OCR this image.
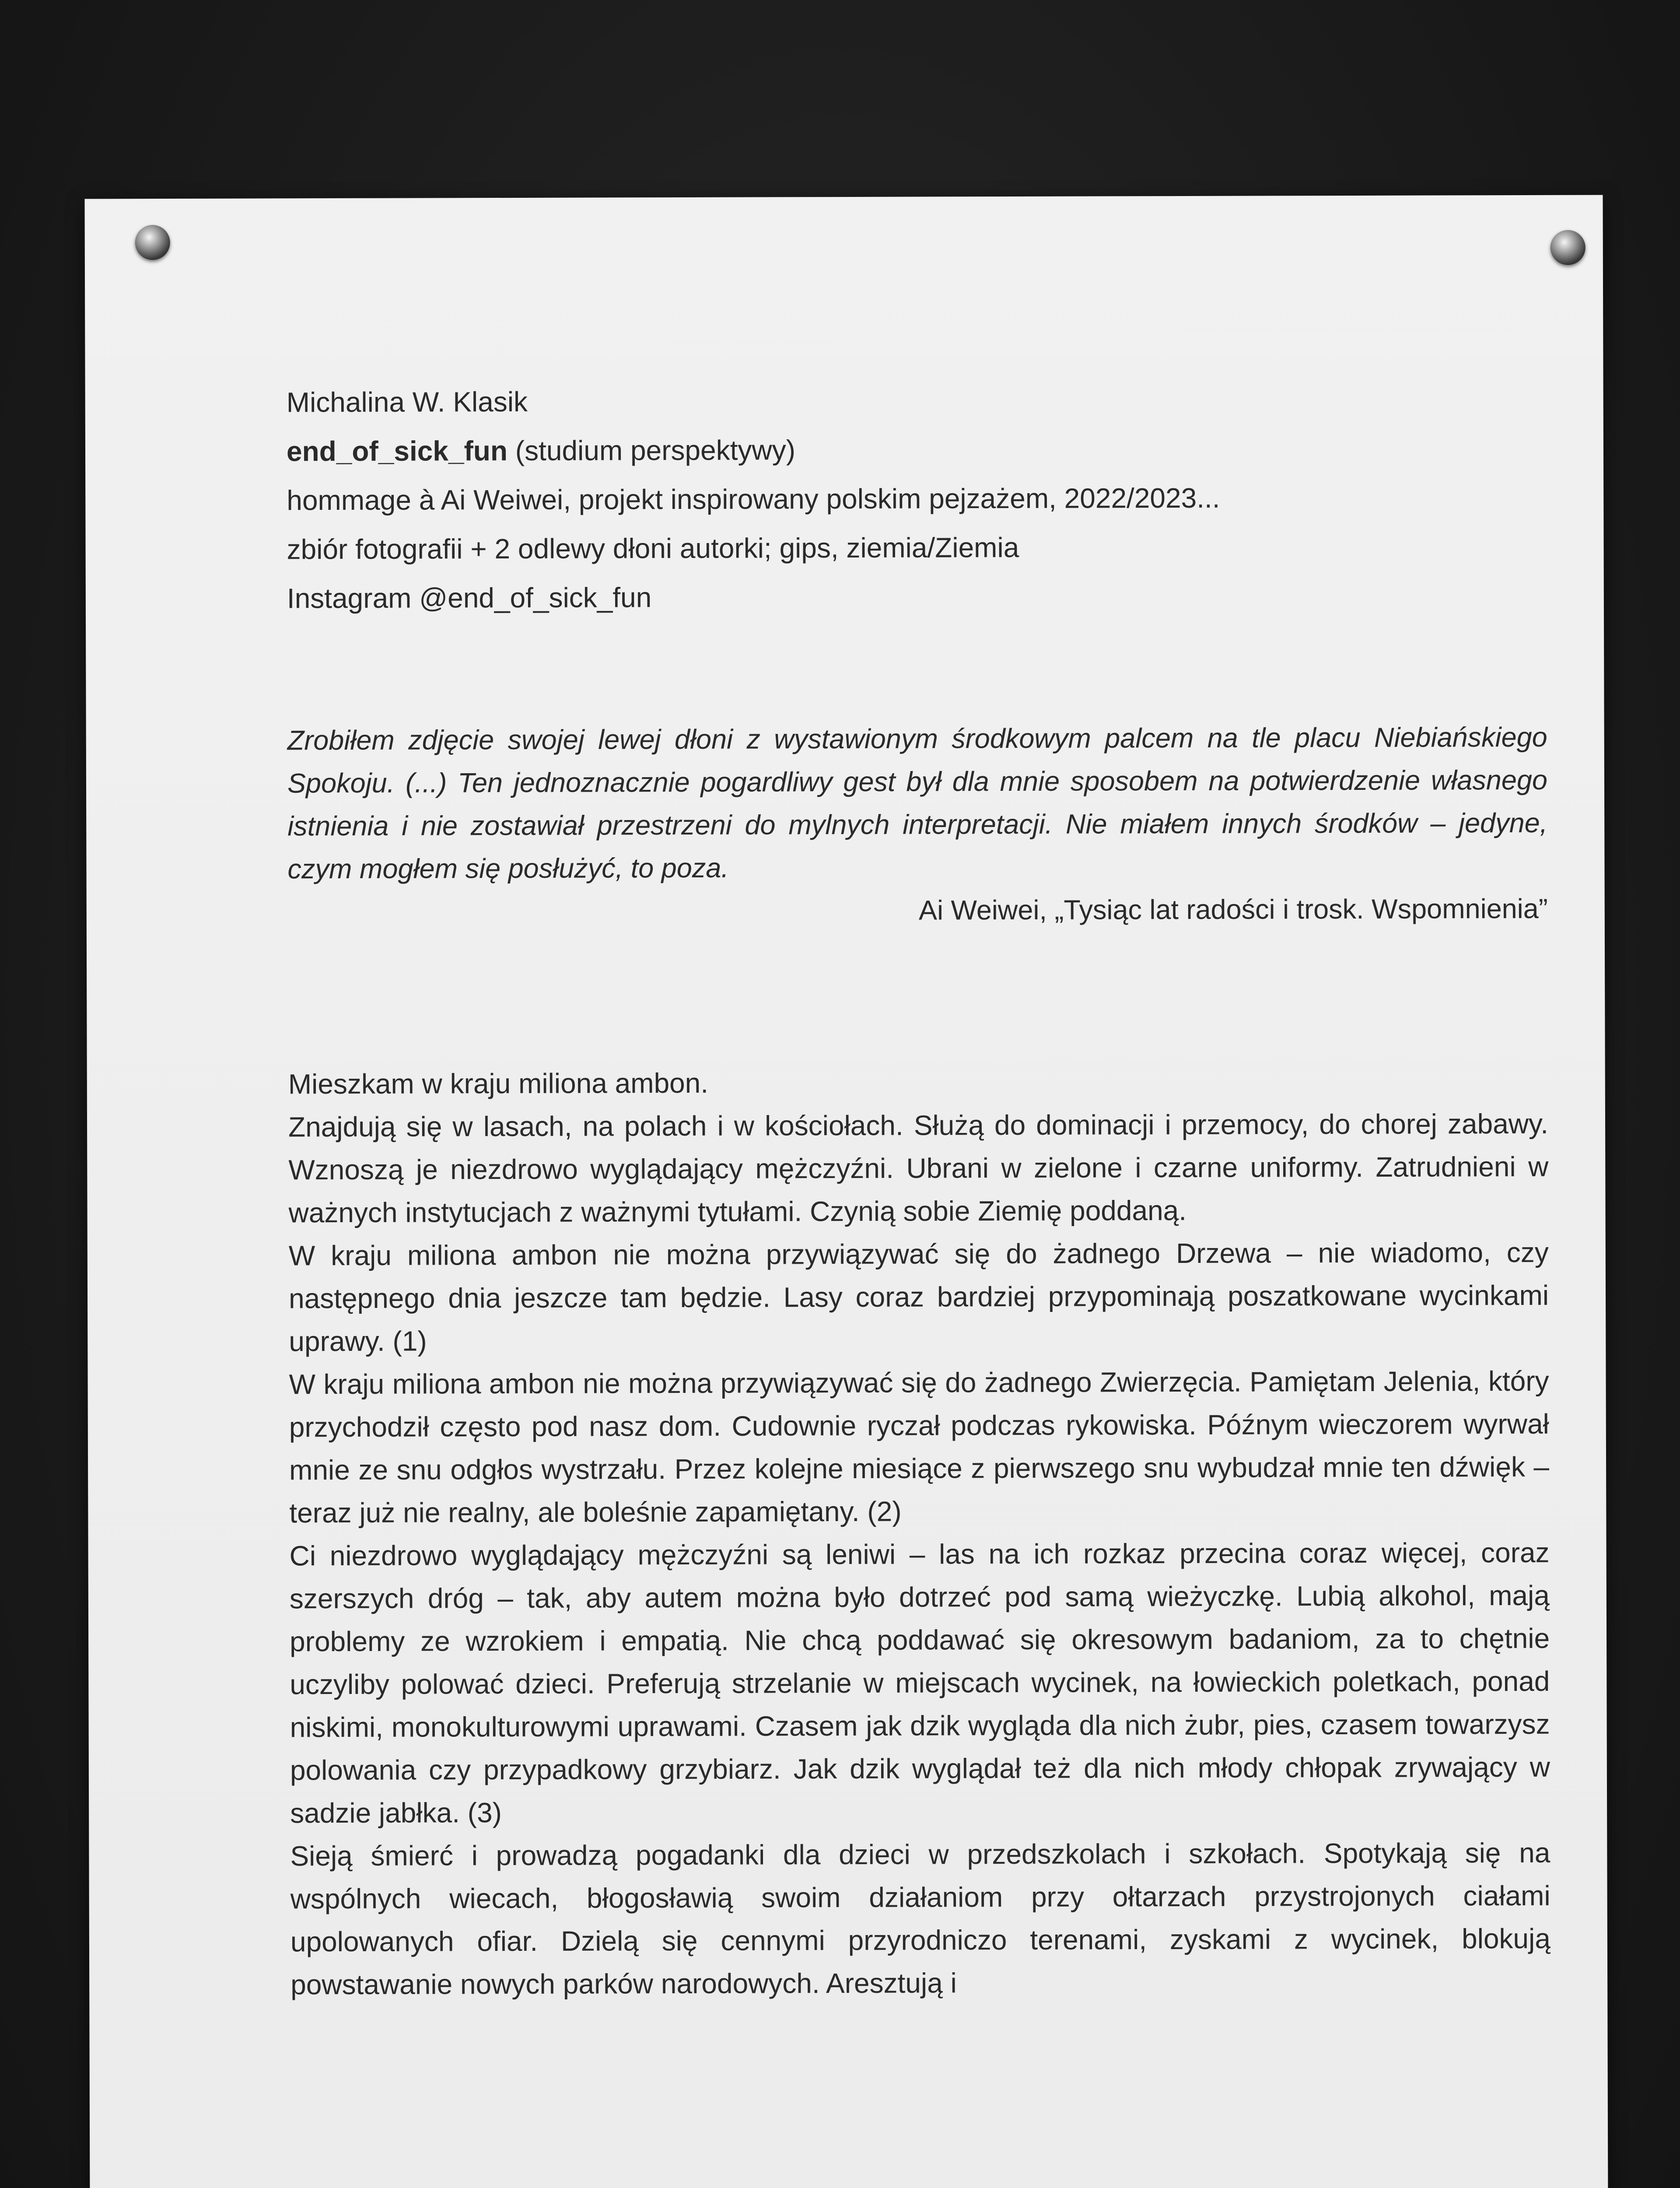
Michalina W. Klasik

end_of_sick_fun (studium perspektywy)

hommage à Ai Weiwei, projekt inspirowany polskim pejzażem, 2022/2023...

zbiór fotografii + 2 odlewy dłoni autorki; gips, ziemia/Ziemia

Instagram @end_of_sick_fun

Zrobiłem zdjęcie swojej lewej dłoni z wystawionym środkowym palcem na tle placu Niebiańskiego Spokoju. (...) Ten jednoznacznie pogardliwy gest był dla mnie sposobem na potwierdzenie własnego istnienia i nie zostawiał przestrzeni do mylnych interpretacji. Nie miałem innych środków – jedyne, czym mogłem się posłużyć, to poza.
Ai Weiwei, „Tysiąc lat radości i trosk. Wspomnienia”

Mieszkam w kraju miliona ambon.

Znajdują się w lasach, na polach i w kościołach. Służą do dominacji i przemocy, do chorej zabawy. Wznoszą je niezdrowo wyglądający mężczyźni. Ubrani w zielone i czarne uniformy. Zatrudnieni w ważnych instytucjach z ważnymi tytułami. Czynią sobie Ziemię poddaną.

W kraju miliona ambon nie można przywiązywać się do żadnego Drzewa – nie wiadomo, czy następnego dnia jeszcze tam będzie. Lasy coraz bardziej przypominają poszatkowane wycinkami uprawy. (1)

W kraju miliona ambon nie można przywiązywać się do żadnego Zwierzęcia. Pamiętam Jelenia, który przychodził często pod nasz dom. Cudownie ryczał podczas rykowiska. Późnym wieczorem wyrwał mnie ze snu odgłos wystrzału. Przez kolejne miesiące z pierwszego snu wybudzał mnie ten dźwięk – teraz już nie realny, ale boleśnie zapamiętany. (2)

Ci niezdrowo wyglądający mężczyźni są leniwi – las na ich rozkaz przecina coraz więcej, coraz szerszych dróg – tak, aby autem można było dotrzeć pod samą wieżyczkę. Lubią alkohol, mają problemy ze wzrokiem i empatią. Nie chcą poddawać się okresowym badaniom, za to chętnie uczyliby polować dzieci. Preferują strzelanie w miejscach wycinek, na łowieckich poletkach, ponad niskimi, monokulturowymi uprawami. Czasem jak dzik wygląda dla nich żubr, pies, czasem towarzysz polowania czy przypadkowy grzybiarz. Jak dzik wyglądał też dla nich młody chłopak zrywający w sadzie jabłka. (3)

Sieją śmierć i prowadzą pogadanki dla dzieci w przedszkolach i szkołach. Spotykają się na wspólnych wiecach, błogosławią swoim działaniom przy ołtarzach przystrojonych ciałami upolowanych ofiar. Dzielą się cennymi przyrodniczo terenami, zyskami z wycinek, blokują powstawanie nowych parków narodowych. Aresztują i
